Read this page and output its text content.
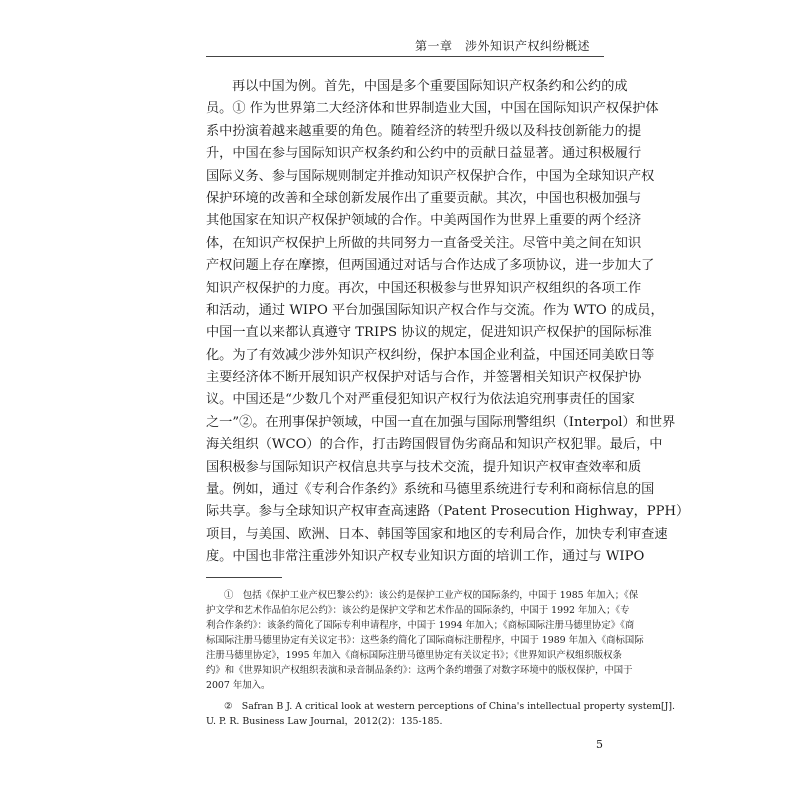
第一章　涉外知识产权纠纷概述
再以中国为例。首先，中国是多个重要国际知识产权条约和公约的成
员。① 作为世界第二大经济体和世界制造业大国，中国在国际知识产权保护体
系中扮演着越来越重要的角色。随着经济的转型升级以及科技创新能力的提
升，中国在参与国际知识产权条约和公约中的贡献日益显著。通过积极履行
国际义务、参与国际规则制定并推动知识产权保护合作，中国为全球知识产权
保护环境的改善和全球创新发展作出了重要贡献。其次，中国也积极加强与
其他国家在知识产权保护领域的合作。中美两国作为世界上重要的两个经济
体，在知识产权保护上所做的共同努力一直备受关注。尽管中美之间在知识
产权问题上存在摩擦，但两国通过对话与合作达成了多项协议，进一步加大了
知识产权保护的力度。再次，中国还积极参与世界知识产权组织的各项工作
和活动，通过 WIPO 平台加强国际知识产权合作与交流。作为 WTO 的成员，
中国一直以来都认真遵守 TRIPS 协议的规定，促进知识产权保护的国际标准
化。为了有效减少涉外知识产权纠纷，保护本国企业利益，中国还同美欧日等
主要经济体不断开展知识产权保护对话与合作，并签署相关知识产权保护协
议。中国还是“少数几个对严重侵犯知识产权行为依法追究刑事责任的国家
之一”②。在刑事保护领域，中国一直在加强与国际刑警组织（Interpol）和世界
海关组织（WCO）的合作，打击跨国假冒伪劣商品和知识产权犯罪。最后，中
国积极参与国际知识产权信息共享与技术交流，提升知识产权审查效率和质
量。例如，通过《专利合作条约》系统和马德里系统进行专利和商标信息的国
际共享。参与全球知识产权审查高速路（Patent Prosecution Highway，PPH）
项目，与美国、欧洲、日本、韩国等国家和地区的专利局合作，加快专利审查速
度。中国也非常注重涉外知识产权专业知识方面的培训工作，通过与 WIPO
①　包括《保护工业产权巴黎公约》：该公约是保护工业产权的国际条约，中国于 1985 年加入；《保
护文学和艺术作品伯尔尼公约》：该公约是保护文学和艺术作品的国际条约，中国于 1992 年加入；《专
利合作条约》：该条约简化了国际专利申请程序，中国于 1994 年加入；《商标国际注册马德里协定》《商
标国际注册马德里协定有关议定书》：这些条约简化了国际商标注册程序，中国于 1989 年加入《商标国际
注册马德里协定》，1995 年加入《商标国际注册马德里协定有关议定书》；《世界知识产权组织版权条
约》和《世界知识产权组织表演和录音制品条约》：这两个条约增强了对数字环境中的版权保护，中国于
2007 年加入。
②　Safran B J. A critical look at western perceptions of China's intellectual property system[J].
U. P. R. Business Law Journal，2012(2)：135-185.
5
